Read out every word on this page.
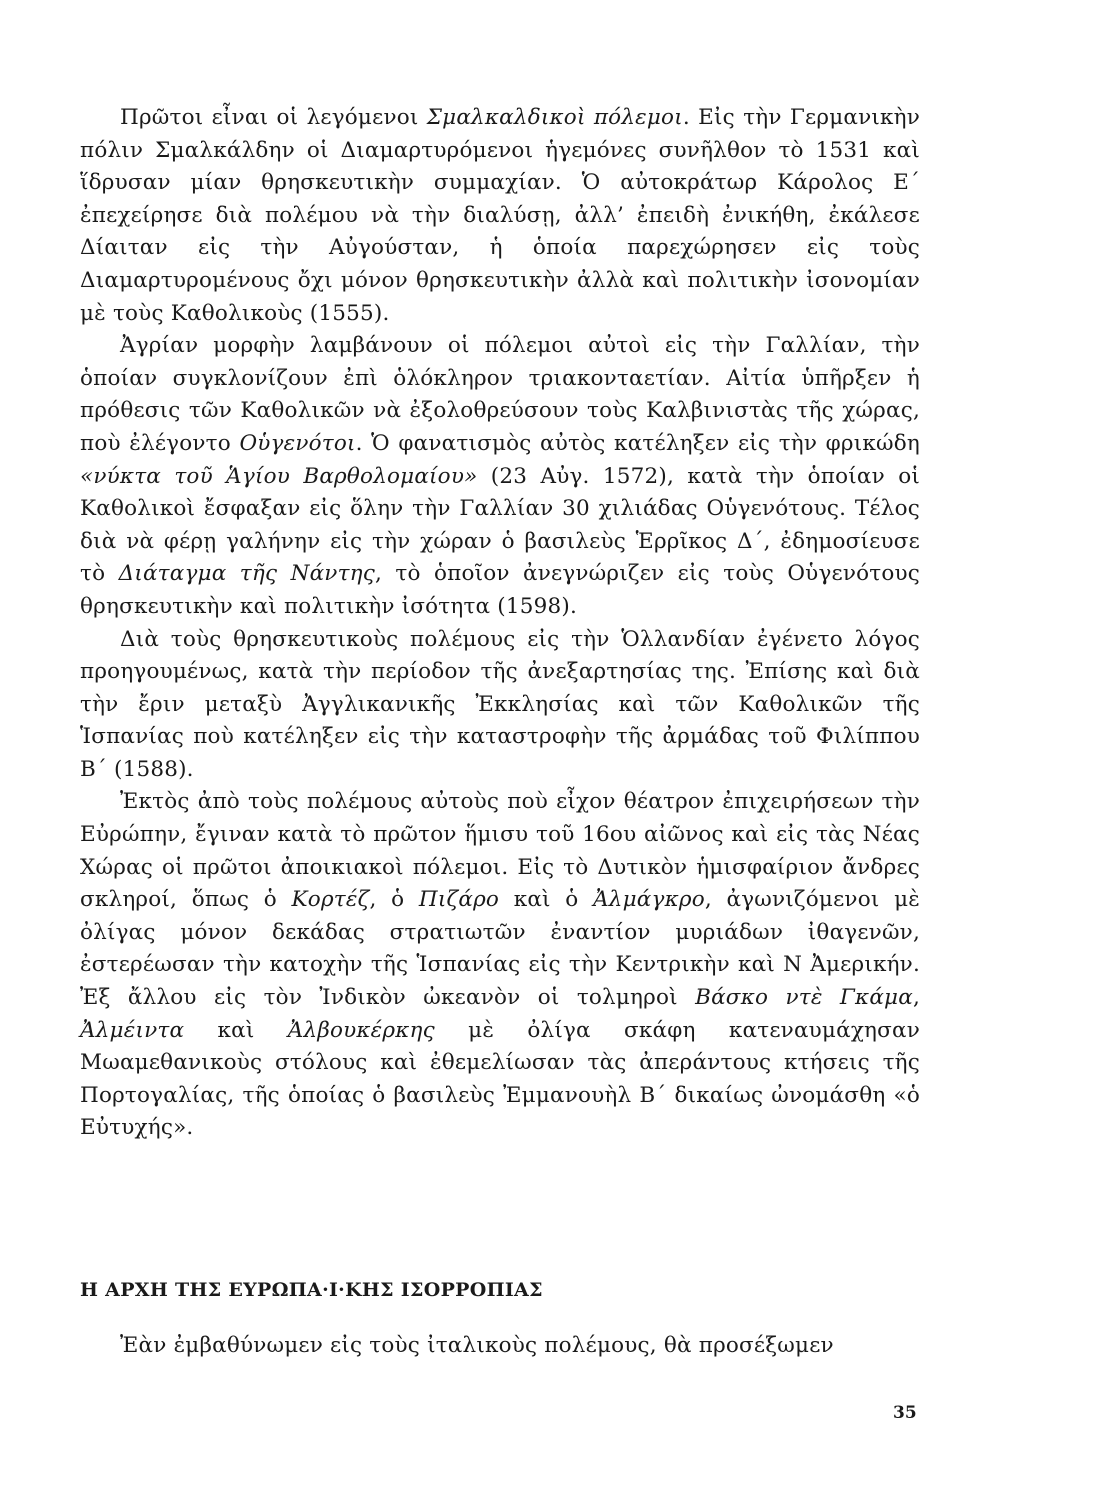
Πρῶτοι εἶναι οἱ λεγόμενοι Σμαλκαλδικοὶ πόλεμοι. Εἰς τὴν Γερμανικὴν πόλιν Σμαλκάλδην οἱ Διαμαρτυρόμενοι ἡγεμόνες συνῆλθον τὸ 1531 καὶ ἵδρυσαν μίαν θρησκευτικὴν συμμαχίαν. Ὁ αὐτοκράτωρ Κάρολος Ε΄ ἐπεχείρησε διὰ πολέμου νὰ τὴν διαλύσῃ, ἀλλ’ ἐπειδὴ ἐνικήθη, ἐκάλεσε Δίαιταν εἰς τὴν Αὐγούσταν, ἡ ὁποία παρεχώρησεν εἰς τοὺς Διαμαρτυρομένους ὄχι μόνον θρησκευτικὴν ἀλλὰ καὶ πολιτικὴν ἰσονομίαν μὲ τοὺς Καθολικοὺς (1555).

Ἀγρίαν μορφὴν λαμβάνουν οἱ πόλεμοι αὐτοὶ εἰς τὴν Γαλλίαν, τὴν ὁποίαν συγκλονίζουν ἐπὶ ὁλόκληρον τριακονταετίαν. Αἰτία ὑπῆρξεν ἡ πρόθεσις τῶν Καθολικῶν νὰ ἐξολοθρεύσουν τοὺς Καλβινιστὰς τῆς χώρας, ποὺ ἐλέγοντο Οὑγενότοι. Ὁ φανατισμὸς αὐτὸς κατέληξεν εἰς τὴν φρικώδη «νύκτα τοῦ Ἁγίου Βαρθολομαίου» (23 Αὐγ. 1572), κατὰ τὴν ὁποίαν οἱ Καθολικοὶ ἔσφαξαν εἰς ὅλην τὴν Γαλλίαν 30 χιλιάδας Οὑγενότους. Τέλος διὰ νὰ φέρῃ γαλήνην εἰς τὴν χώραν ὁ βασιλεὺς Ἑρρῖκος Δ΄, ἐδημοσίευσε τὸ Διάταγμα τῆς Νάντης, τὸ ὁποῖον ἀνεγνώριζεν εἰς τοὺς Οὑγενότους θρησκευτικὴν καὶ πολιτικὴν ἰσότητα (1598).

Διὰ τοὺς θρησκευτικοὺς πολέμους εἰς τὴν Ὁλλανδίαν ἐγένετο λόγος προηγουμένως, κατὰ τὴν περίοδον τῆς ἀνεξαρτησίας της. Ἐπίσης καὶ διὰ τὴν ἔριν μεταξὺ Ἀγγλικανικῆς Ἐκκλησίας καὶ τῶν Καθολικῶν τῆς Ἱσπανίας ποὺ κατέληξεν εἰς τὴν καταστροφὴν τῆς ἀρμάδας τοῦ Φιλίππου Β΄ (1588).

Ἐκτὸς ἀπὸ τοὺς πολέμους αὐτοὺς ποὺ εἶχον θέατρον ἐπιχειρήσεων τὴν Εὐρώπην, ἔγιναν κατὰ τὸ πρῶτον ἥμισυ τοῦ 16ου αἰῶνος καὶ εἰς τὰς Νέας Χώρας οἱ πρῶτοι ἀποικιακοὶ πόλεμοι. Εἰς τὸ Δυτικὸν ἡμισφαίριον ἄνδρες σκληροί, ὅπως ὁ Κορτέζ, ὁ Πιζάρο καὶ ὁ Ἀλμάγκρο, ἀγωνιζόμενοι μὲ ὀλίγας μόνον δεκάδας στρατιωτῶν ἐναντίον μυριάδων ἰθαγενῶν, ἐστερέωσαν τὴν κατοχὴν τῆς Ἱσπανίας εἰς τὴν Κεντρικὴν καὶ Ν Ἀμερικήν. Ἐξ ἄλλου εἰς τὸν Ἰνδικὸν ὠκεανὸν οἱ τολμηροὶ Βάσκο ντὲ Γκάμα, Ἀλμέιντα καὶ Ἀλβουκέρκης μὲ ὀλίγα σκάφη κατεναυμάχησαν Μωαμεθανικοὺς στόλους καὶ ἐθεμελίωσαν τὰς ἀπεράντους κτήσεις τῆς Πορτογαλίας, τῆς ὁποίας ὁ βασιλεὺς Ἐμμανουὴλ Β΄ δικαίως ὠνομάσθη «ὁ Εὐτυχής».

Η ΑΡΧΗ ΤΗΣ ΕΥΡΩΠΑ·Ι·ΚΗΣ ΙΣΟΡΡΟΠΙΑΣ

Ἐὰν ἐμβαθύνωμεν εἰς τοὺς ἰταλικοὺς πολέμους, θὰ προσέξωμεν

35
